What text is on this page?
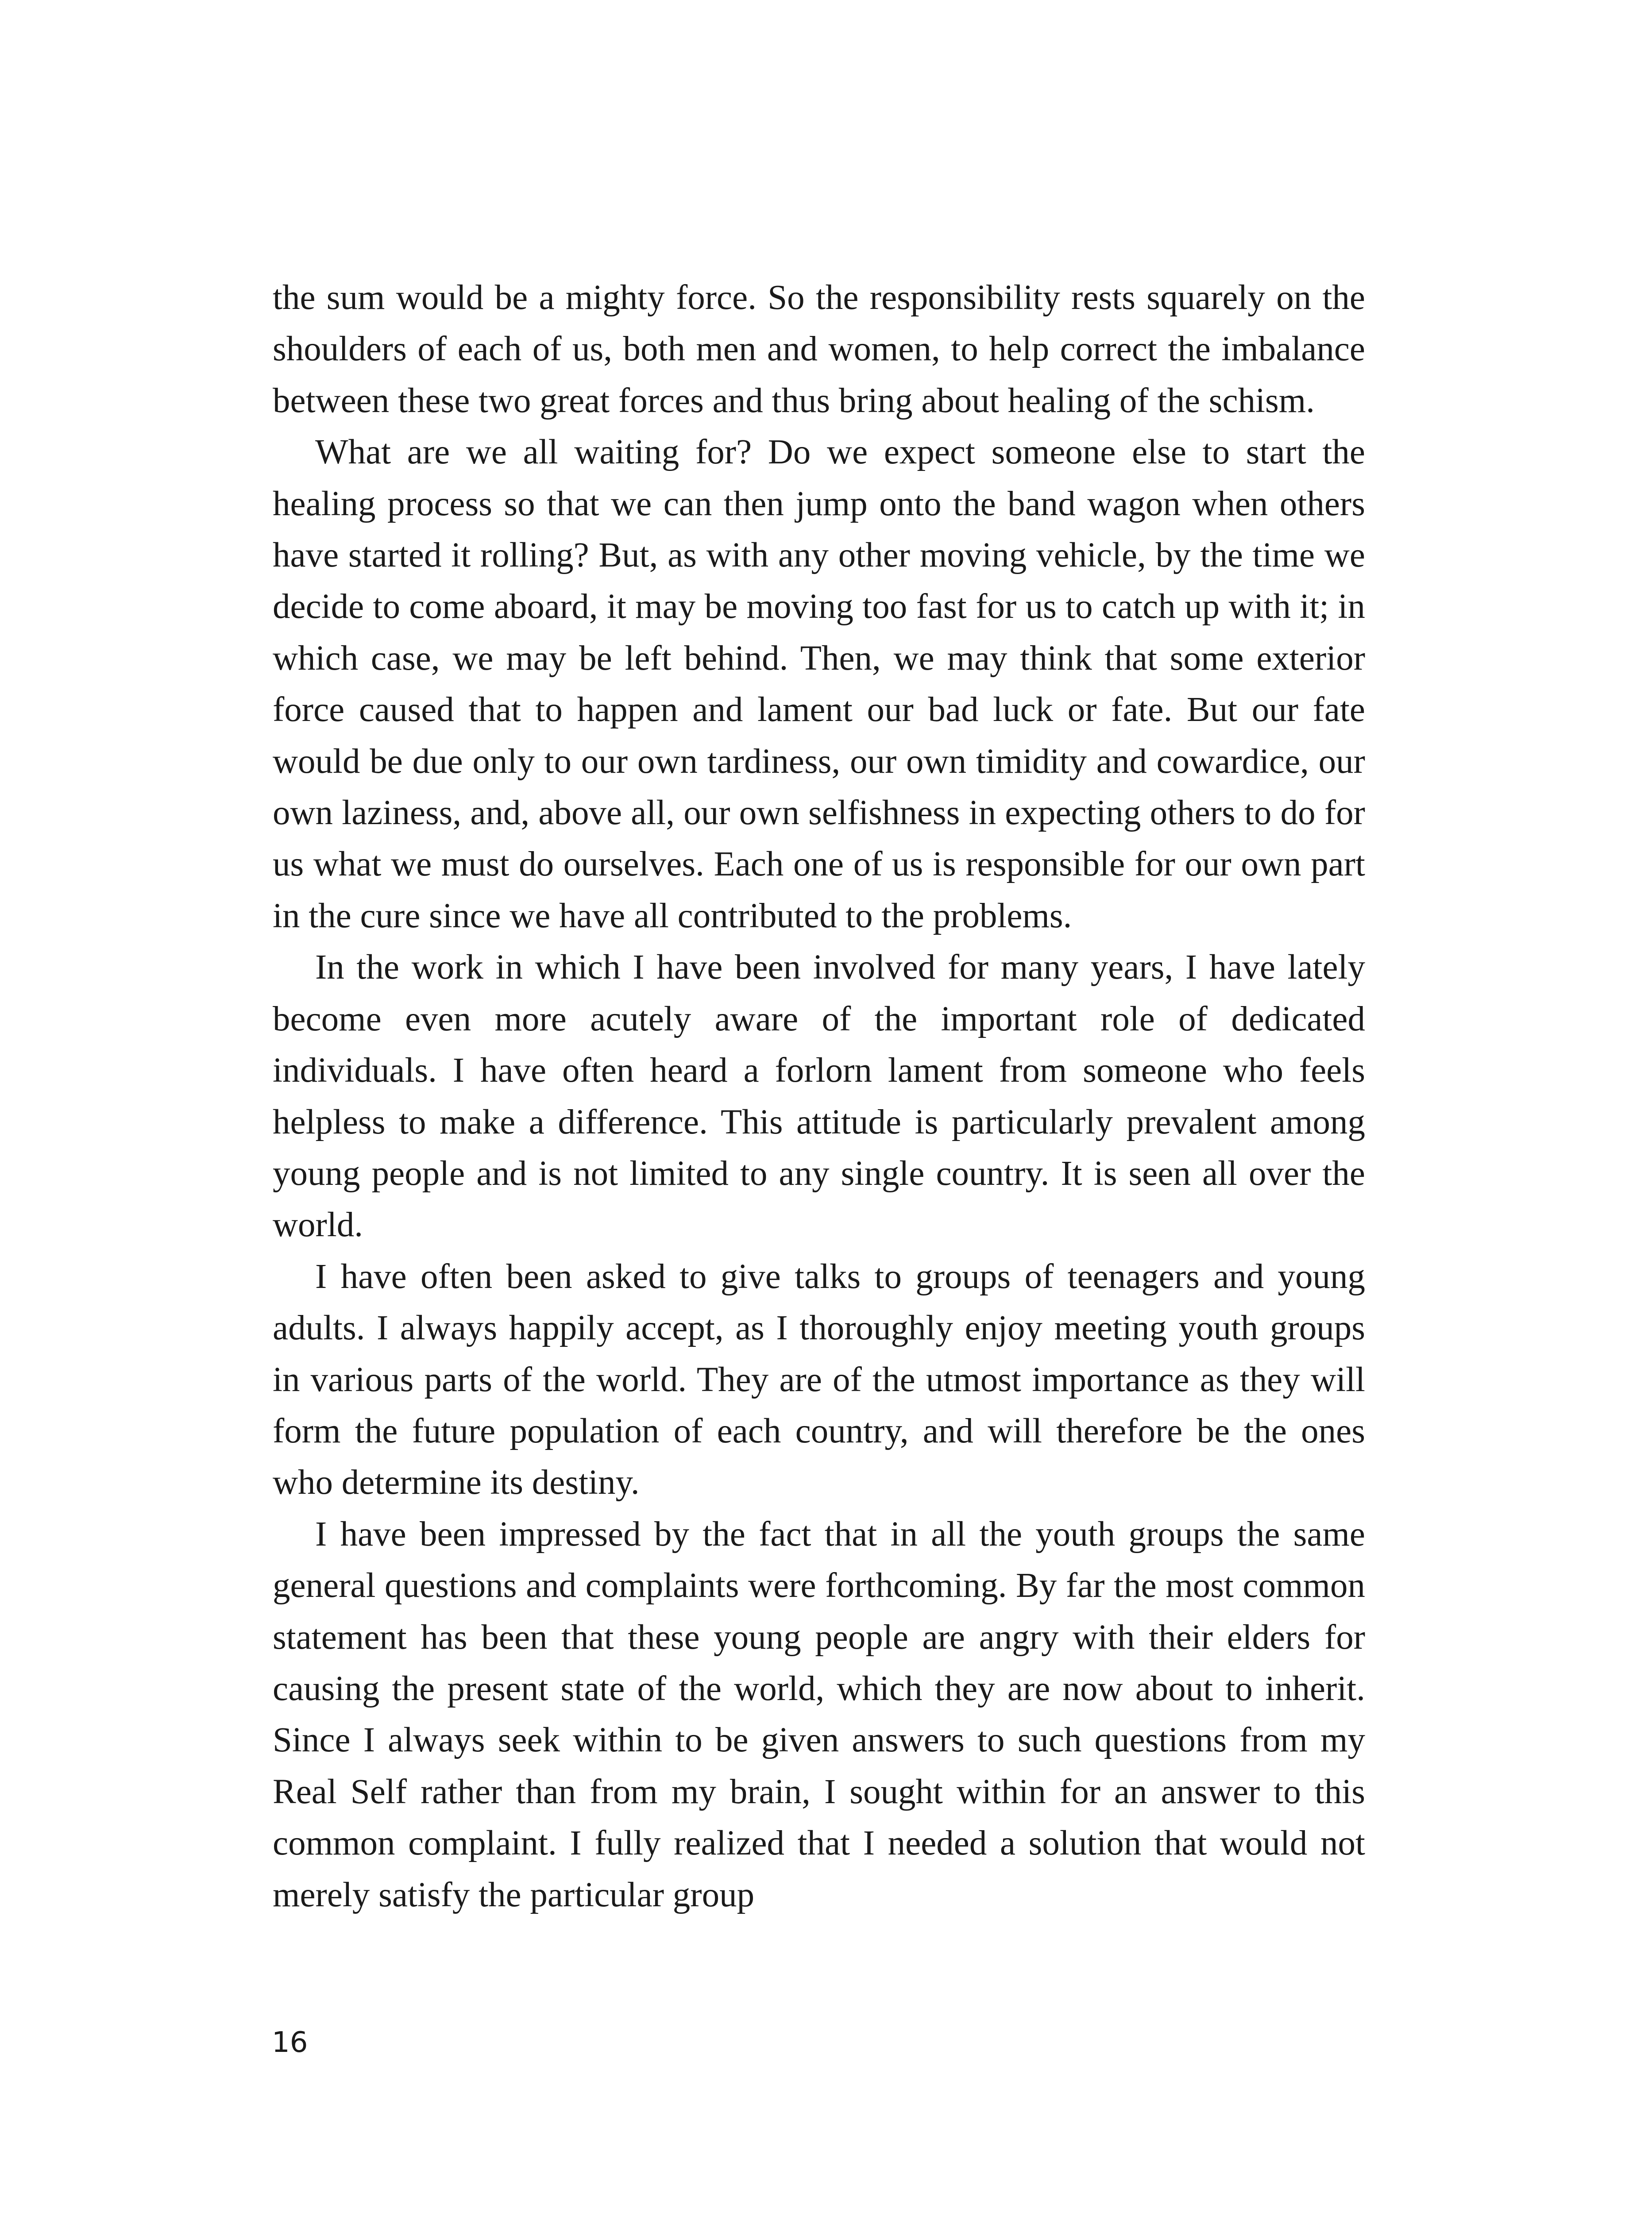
the sum would be a mighty force. So the responsibility rests squarely on the shoulders of each of us, both men and women, to help correct the imbalance between these two great forces and thus bring about healing of the schism.

What are we all waiting for? Do we expect someone else to start the healing process so that we can then jump onto the band wagon when others have started it rolling? But, as with any other moving vehicle, by the time we decide to come aboard, it may be moving too fast for us to catch up with it; in which case, we may be left behind. Then, we may think that some exterior force caused that to happen and lament our bad luck or fate. But our fate would be due only to our own tardiness, our own timidity and cowardice, our own laziness, and, above all, our own selfishness in expecting others to do for us what we must do ourselves. Each one of us is responsible for our own part in the cure since we have all contributed to the problems.

In the work in which I have been involved for many years, I have lately become even more acutely aware of the important role of dedicated individuals. I have often heard a forlorn lament from someone who feels helpless to make a difference. This attitude is particularly prevalent among young people and is not limited to any single country. It is seen all over the world.

I have often been asked to give talks to groups of teenagers and young adults. I always happily accept, as I thoroughly enjoy meeting youth groups in various parts of the world. They are of the utmost importance as they will form the future population of each country, and will therefore be the ones who determine its destiny.

I have been impressed by the fact that in all the youth groups the same general questions and complaints were forthcoming. By far the most common statement has been that these young people are angry with their elders for causing the present state of the world, which they are now about to inherit. Since I always seek within to be given answers to such questions from my Real Self rather than from my brain, I sought within for an answer to this common complaint. I fully realized that I needed a solution that would not merely satisfy the particular group

16
